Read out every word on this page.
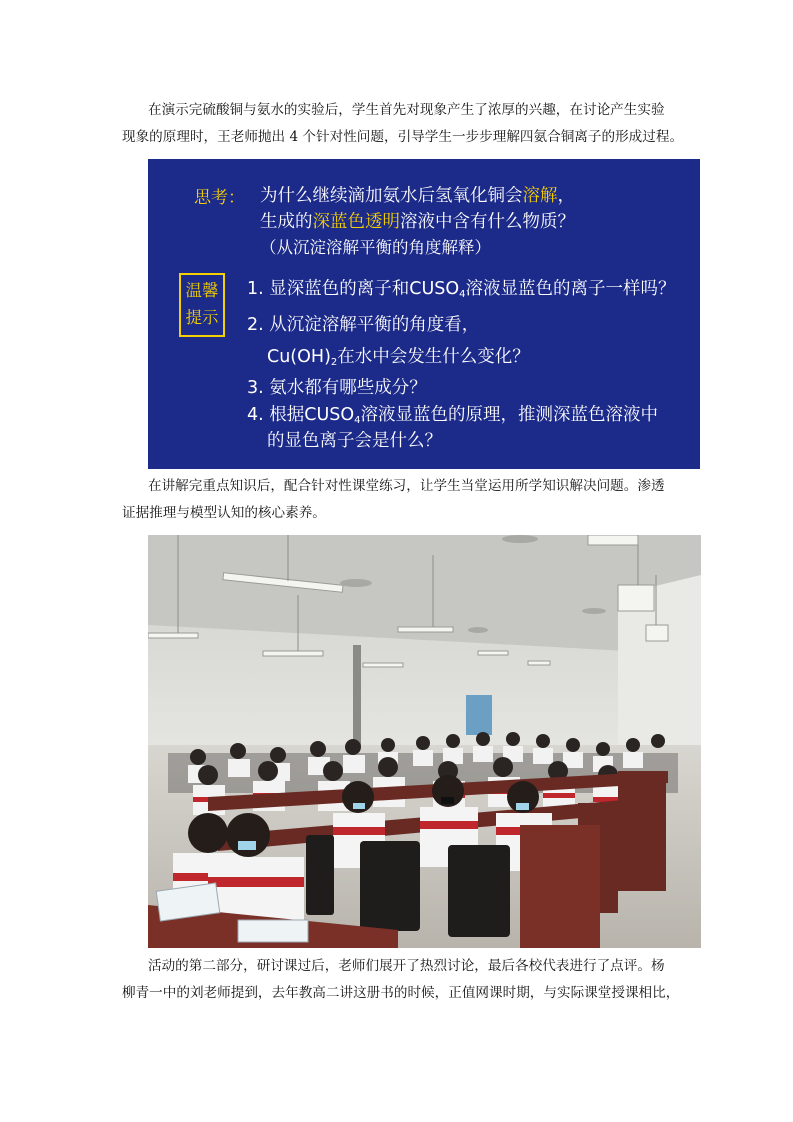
在演示完硫酸铜与氨水的实验后，学生首先对现象产生了浓厚的兴趣，在讨论产生实验
现象的原理时，王老师抛出 4 个针对性问题，引导学生一步步理解四氨合铜离子的形成过程。

思考： 为什么继续滴加氨水后氢氧化铜会溶解，
生成的深蓝色透明溶液中含有什么物质？
（从沉淀溶解平衡的角度解释）
温馨
提示
1. 显深蓝色的离子和$CUSO_4$溶液显蓝色的离子一样吗？
2. 从沉淀溶解平衡的角度看，
$Cu(OH)_2$在水中会发生什么变化？
3. 氨水都有哪些成分？
4. 根据$CUSO_4$溶液显蓝色的原理，推测深蓝色溶液中
的显色离子会是什么？

在讲解完重点知识后，配合针对性课堂练习，让学生当堂运用所学知识解决问题。渗透
证据推理与模型认知的核心素养。

活动的第二部分，研讨课过后，老师们展开了热烈讨论，最后各校代表进行了点评。杨
柳青一中的刘老师提到，去年教高二讲这册书的时候，正值网课时期，与实际课堂授课相比，
